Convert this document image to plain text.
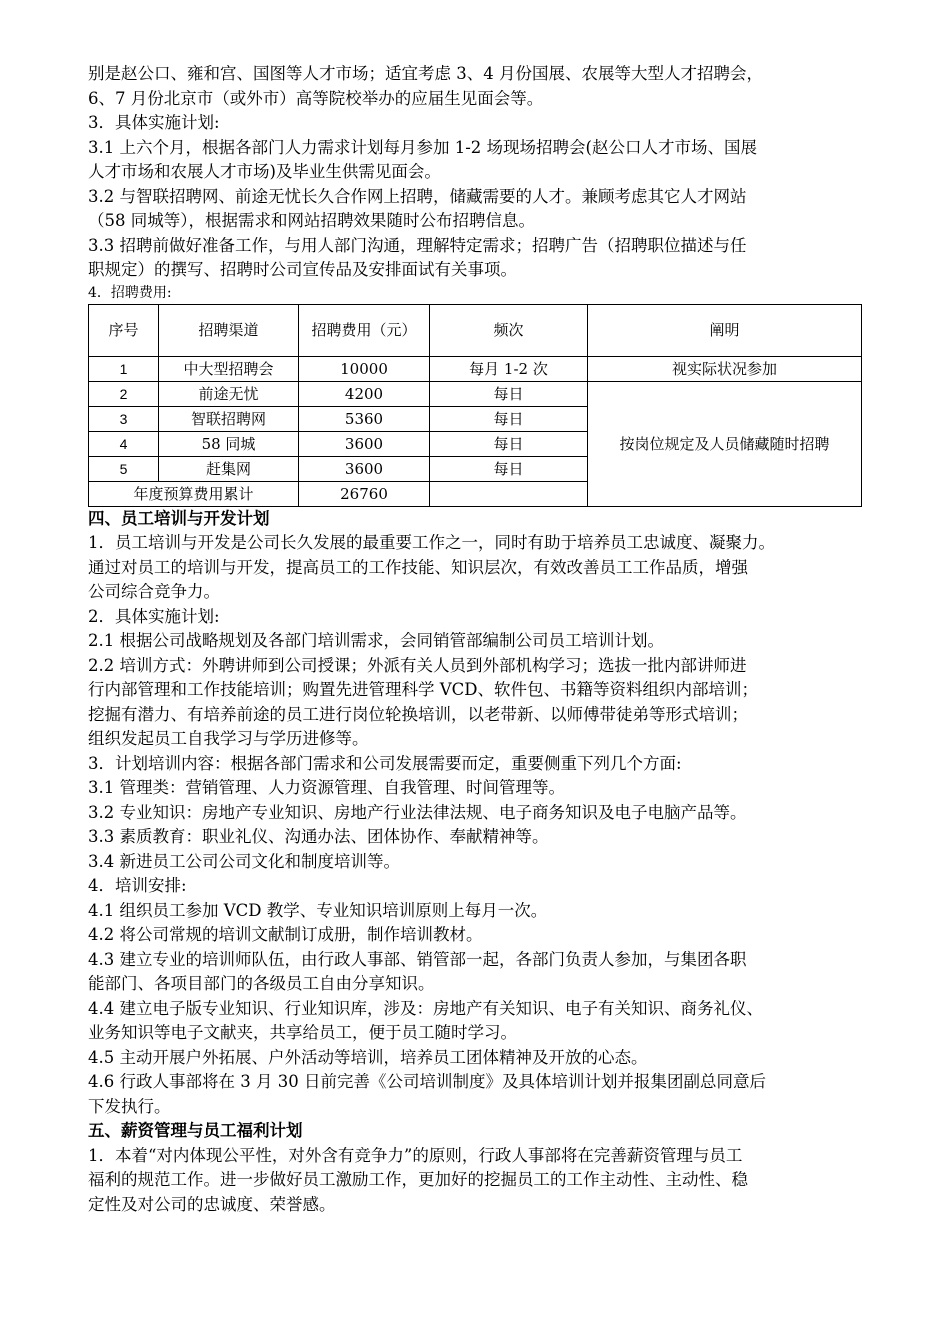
别是赵公口、雍和宫、国图等人才市场；适宜考虑 3、4 月份国展、农展等大型人才招聘会，

6、7 月份北京市（或外市）高等院校举办的应届生见面会等。

3．具体实施计划:

3.1 上六个月，根据各部门人力需求计划每月参加 1-2 场现场招聘会(赵公口人才市场、国展

人才市场和农展人才市场)及毕业生供需见面会。

3.2 与智联招聘网、前途无忧长久合作网上招聘，储藏需要的人才。兼顾考虑其它人才网站

（58 同城等），根据需求和网站招聘效果随时公布招聘信息。

3.3 招聘前做好准备工作，与用人部门沟通，理解特定需求；招聘广告（招聘职位描述与任

职规定）的撰写、招聘时公司宣传品及安排面试有关事项。

4．招聘费用:

序号	招聘渠道	招聘费用（元）	频次	阐明
1	中大型招聘会	10000	每月 1-2 次	视实际状况参加
2	前途无忧	4200	每日	按岗位规定及人员储藏随时招聘
3	智联招聘网	5360	每日	
4	58 同城	3600	每日	
5	赶集网	3600	每日	
年度预算费用累计		26760		

四、员工培训与开发计划

1．员工培训与开发是公司长久发展的最重要工作之一，同时有助于培养员工忠诚度、凝聚力。

通过对员工的培训与开发，提高员工的工作技能、知识层次，有效改善员工工作品质，增强

公司综合竞争力。

2．具体实施计划:

2.1 根据公司战略规划及各部门培训需求，会同销管部编制公司员工培训计划。

2.2 培训方式：外聘讲师到公司授课；外派有关人员到外部机构学习；选拔一批内部讲师进

行内部管理和工作技能培训；购置先进管理科学 VCD、软件包、书籍等资料组织内部培训；

挖掘有潜力、有培养前途的员工进行岗位轮换培训，以老带新、以师傅带徒弟等形式培训；

组织发起员工自我学习与学历进修等。

3．计划培训内容：根据各部门需求和公司发展需要而定，重要侧重下列几个方面:

3.1 管理类：营销管理、人力资源管理、自我管理、时间管理等。

3.2 专业知识：房地产专业知识、房地产行业法律法规、电子商务知识及电子电脑产品等。

3.3 素质教育：职业礼仪、沟通办法、团体协作、奉献精神等。

3.4 新进员工公司公司文化和制度培训等。

4．培训安排:

4.1 组织员工参加 VCD 教学、专业知识培训原则上每月一次。

4.2 将公司常规的培训文献制订成册，制作培训教材。

4.3 建立专业的培训师队伍，由行政人事部、销管部一起，各部门负责人参加，与集团各职

能部门、各项目部门的各级员工自由分享知识。

4.4 建立电子版专业知识、行业知识库，涉及：房地产有关知识、电子有关知识、商务礼仪、

业务知识等电子文献夹，共享给员工，便于员工随时学习。

4.5 主动开展户外拓展、户外活动等培训，培养员工团体精神及开放的心态。

4.6 行政人事部将在 3 月 30 日前完善《公司培训制度》及具体培训计划并报集团副总同意后

下发执行。

五、薪资管理与员工福利计划

1．本着“对内体现公平性，对外含有竞争力”的原则，行政人事部将在完善薪资管理与员工

福利的规范工作。进一步做好员工激励工作，更加好的挖掘员工的工作主动性、主动性、稳

定性及对公司的忠诚度、荣誉感。
